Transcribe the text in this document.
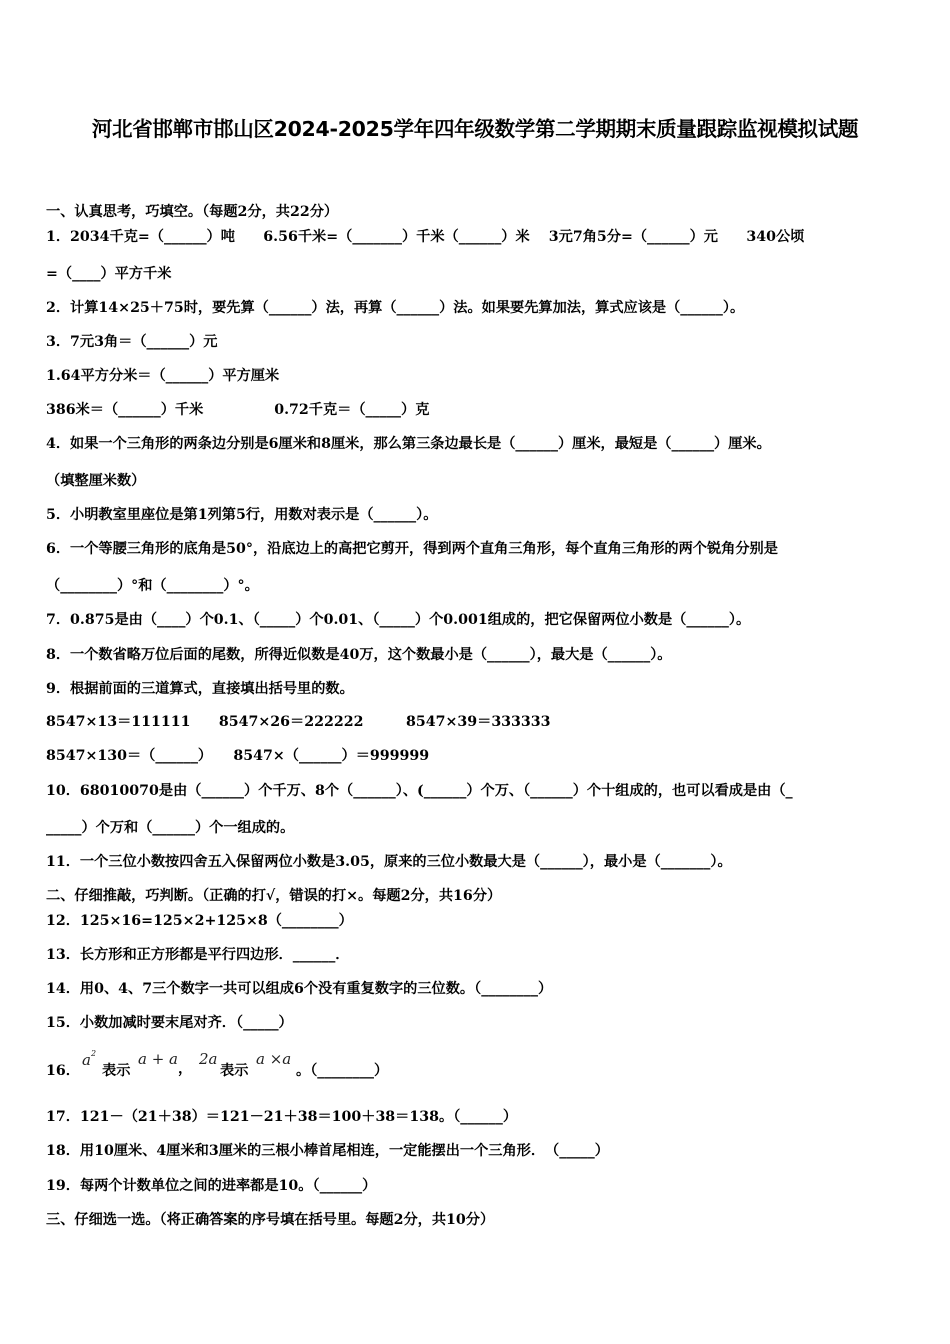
河北省邯郸市邯山区2024-2025学年四年级数学第二学期期末质量跟踪监视模拟试题
一、认真思考，巧填空。（每题2分，共22分）
1．2034千克=（______）吨　　6.56千米=（_______）千米（______）米　 3元7角5分=（______）元　　340公顷
=（____）平方千米
2．计算14×25＋75时，要先算（______）法，再算（______）法。如果要先算加法，算式应该是（______）。
3．7元3角＝（______）元
1.64平方分米＝（______）平方厘米
386米＝（______）千米　　　　　0.72千克＝（_____）克
4．如果一个三角形的两条边分别是6厘米和8厘米，那么第三条边最长是（______）厘米，最短是（______）厘米。
（填整厘米数）
5．小明教室里座位是第1列第5行，用数对表示是（______）。
6．一个等腰三角形的底角是50°，沿底边上的高把它剪开，得到两个直角三角形，每个直角三角形的两个锐角分别是
（________）°和（________）°。
7．0.875是由（____）个0.1、（_____）个0.01、（_____）个0.001组成的，把它保留两位小数是（______）。
8．一个数省略万位后面的尾数，所得近似数是40万，这个数最小是（______），最大是（______）。
9．根据前面的三道算式，直接填出括号里的数。
8547×13＝111111　　8547×26＝222222　　　8547×39＝333333
8547×130＝（______）　　8547×（______）＝999999
10．68010070是由（______）个千万、8个（______）、(______）个万、（______）个十组成的，也可以看成是由（_
_____）个万和（______）个一组成的。
11．一个三位小数按四舍五入保留两位小数是3.05，原来的三位小数最大是（______），最小是（_______）。
二、仔细推敲，巧判断。（正确的打√，错误的打×。每题2分，共16分）
12．125×16=125×2+125×8（________）
13．长方形和正方形都是平行四边形．______．
14．用0、4、7三个数字一共可以组成6个没有重复数字的三位数。（________）
15．小数加减时要末尾对齐．（_____）
16．
$a^2$
表示
a + a
，
2a
表示
a ×a
。（________）
17．121－（21＋38）＝121－21＋38＝100＋38＝138。（______）
18．用10厘米、4厘米和3厘米的三根小棒首尾相连，一定能摆出一个三角形．　（_____）
19．每两个计数单位之间的进率都是10。（______）
三、仔细选一选。（将正确答案的序号填在括号里。每题2分，共10分）
